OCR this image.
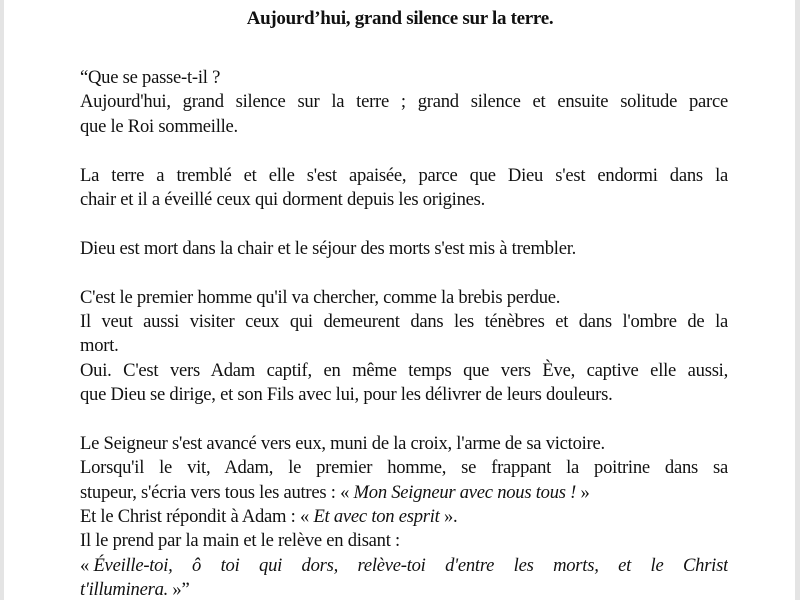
Aujourd’hui, grand silence sur la terre.
“Que se passe-t-il ?
Aujourd'hui, grand silence sur la terre ; grand silence et ensuite solitude parce
que le Roi sommeille.
La terre a tremblé et elle s'est apaisée, parce que Dieu s'est endormi dans la
chair et il a éveillé ceux qui dorment depuis les origines.
Dieu est mort dans la chair et le séjour des morts s'est mis à trembler.
C'est le premier homme qu'il va chercher, comme la brebis perdue.
Il veut aussi visiter ceux qui demeurent dans les ténèbres et dans l'ombre de la
mort.
Oui. C'est vers Adam captif, en même temps que vers Ève, captive elle aussi,
que Dieu se dirige, et son Fils avec lui, pour les délivrer de leurs douleurs.
Le Seigneur s'est avancé vers eux, muni de la croix, l'arme de sa victoire.
Lorsqu'il le vit, Adam, le premier homme, se frappant la poitrine dans sa
stupeur, s'écria vers tous les autres : « Mon Seigneur avec nous tous ! »
Et le Christ répondit à Adam : « Et avec ton esprit ».
Il le prend par la main et le relève en disant :
« Éveille-toi, ô toi qui dors, relève-toi d'entre les morts, et le Christ
t'illuminera. »”
